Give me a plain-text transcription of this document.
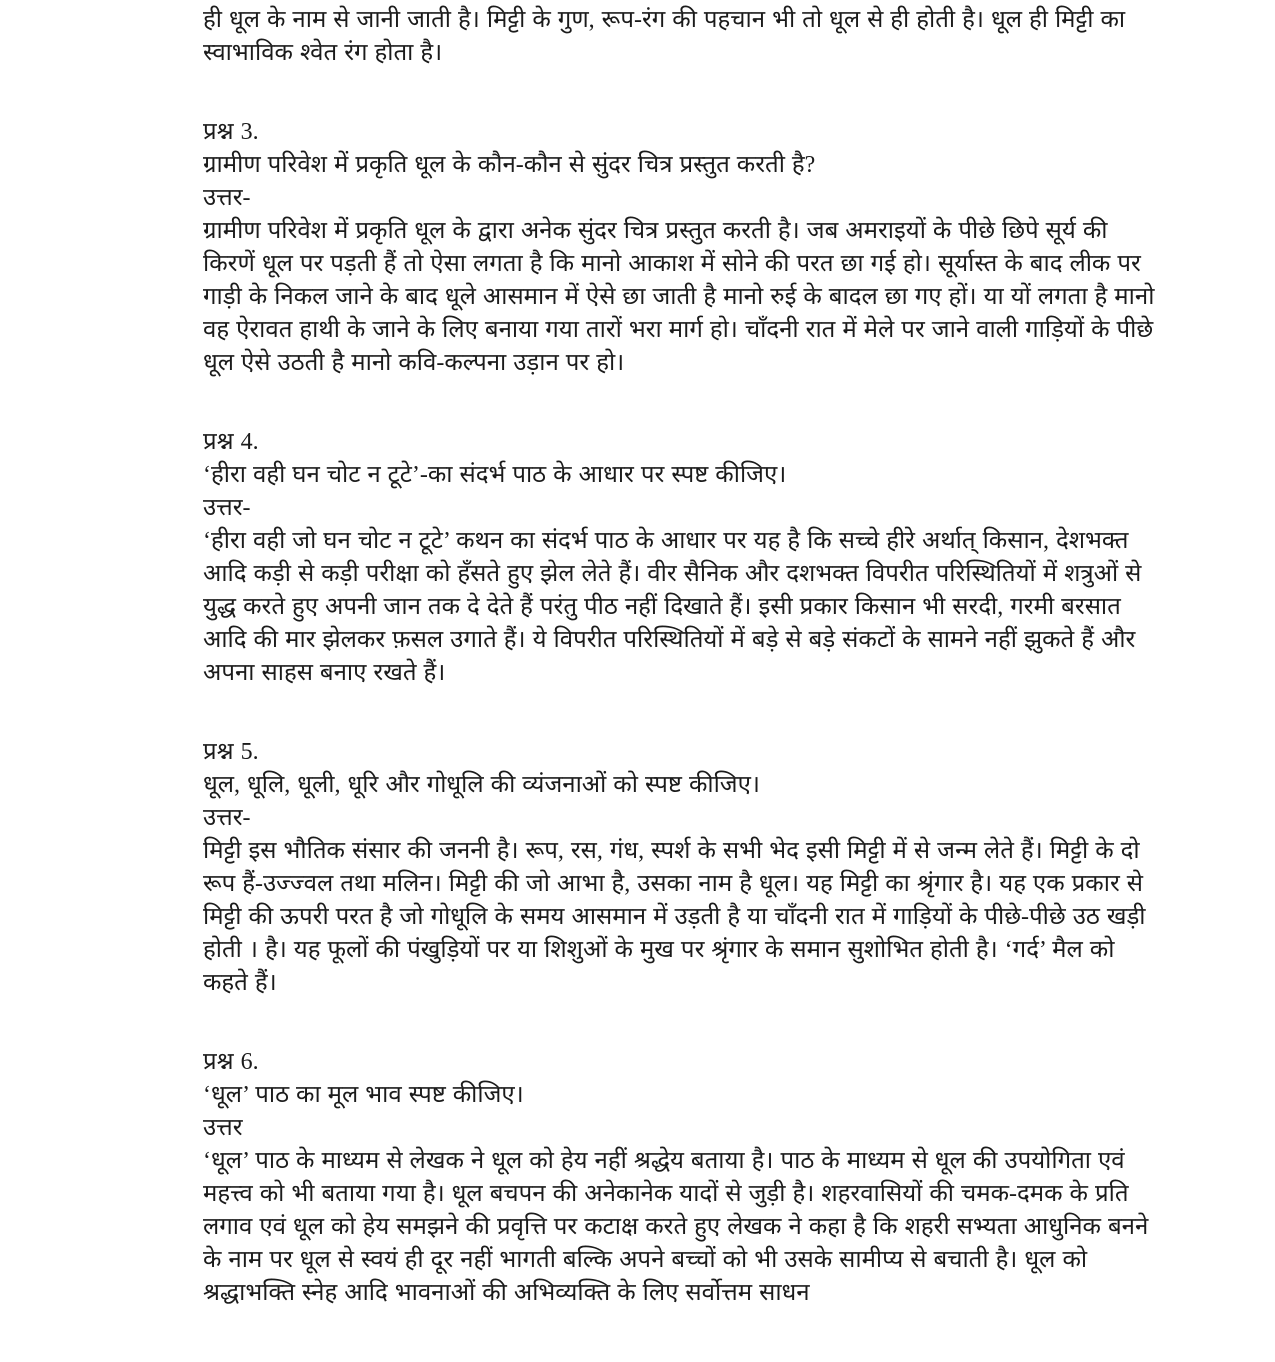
ही धूल के नाम से जानी जाती है। मिट्टी के गुण, रूप-रंग की पहचान भी तो धूल से ही होती है। धूल ही मिट्टी का स्वाभाविक श्वेत रंग होता है।

प्रश्न 3.

ग्रामीण परिवेश में प्रकृति धूल के कौन-कौन से सुंदर चित्र प्रस्तुत करती है?

उत्तर-

ग्रामीण परिवेश में प्रकृति धूल के द्वारा अनेक सुंदर चित्र प्रस्तुत करती है। जब अमराइयों के पीछे छिपे सूर्य की किरणें धूल पर पड़ती हैं तो ऐसा लगता है कि मानो आकाश में सोने की परत छा गई हो। सूर्यास्त के बाद लीक पर गाड़ी के निकल जाने के बाद धूले आसमान में ऐसे छा जाती है मानो रुई के बादल छा गए हों। या यों लगता है मानो वह ऐरावत हाथी के जाने के लिए बनाया गया तारों भरा मार्ग हो। चाँदनी रात में मेले पर जाने वाली गाड़ियों के पीछे धूल ऐसे उठती है मानो कवि-कल्पना उड़ान पर हो।

प्रश्न 4.

‘हीरा वही घन चोट न टूटे’-का संदर्भ पाठ के आधार पर स्पष्ट कीजिए।

उत्तर-

‘हीरा वही जो घन चोट न टूटे’ कथन का संदर्भ पाठ के आधार पर यह है कि सच्चे हीरे अर्थात् किसान, देशभक्त आदि कड़ी से कड़ी परीक्षा को हँसते हुए झेल लेते हैं। वीर सैनिक और दशभक्त विपरीत परिस्थितियों में शत्रुओं से युद्ध करते हुए अपनी जान तक दे देते हैं परंतु पीठ नहीं दिखाते हैं। इसी प्रकार किसान भी सरदी, गरमी बरसात आदि की मार झेलकर फ़सल उगाते हैं। ये विपरीत परिस्थितियों में बड़े से बड़े संकटों के सामने नहीं झुकते हैं और अपना साहस बनाए रखते हैं।

प्रश्न 5.

धूल, धूलि, धूली, धूरि और गोधूलि की व्यंजनाओं को स्पष्ट कीजिए।

उत्तर-

मिट्टी इस भौतिक संसार की जननी है। रूप, रस, गंध, स्पर्श के सभी भेद इसी मिट्टी में से जन्म लेते हैं। मिट्टी के दो रूप हैं-उज्ज्वल तथा मलिन। मिट्टी की जो आभा है, उसका नाम है धूल। यह मिट्टी का श्रृंगार है। यह एक प्रकार से मिट्टी की ऊपरी परत है जो गोधूलि के समय आसमान में उड़ती है या चाँदनी रात में गाड़ियों के पीछे-पीछे उठ खड़ी होती । है। यह फूलों की पंखुड़ियों पर या शिशुओं के मुख पर श्रृंगार के समान सुशोभित होती है। ‘गर्द’ मैल को कहते हैं।

प्रश्न 6.

‘धूल’ पाठ का मूल भाव स्पष्ट कीजिए।

उत्तर

‘धूल’ पाठ के माध्यम से लेखक ने धूल को हेय नहीं श्रद्धेय बताया है। पाठ के माध्यम से धूल की उपयोगिता एवं महत्त्व को भी बताया गया है। धूल बचपन की अनेकानेक यादों से जुड़ी है। शहरवासियों की चमक-दमक के प्रति लगाव एवं धूल को हेय समझने की प्रवृत्ति पर कटाक्ष करते हुए लेखक ने कहा है कि शहरी सभ्यता आधुनिक बनने के नाम पर धूल से स्वयं ही दूर नहीं भागती बल्कि अपने बच्चों को भी उसके सामीप्य से बचाती है। धूल को श्रद्धाभक्ति स्नेह आदि भावनाओं की अभिव्यक्ति के लिए सर्वोत्तम साधन
